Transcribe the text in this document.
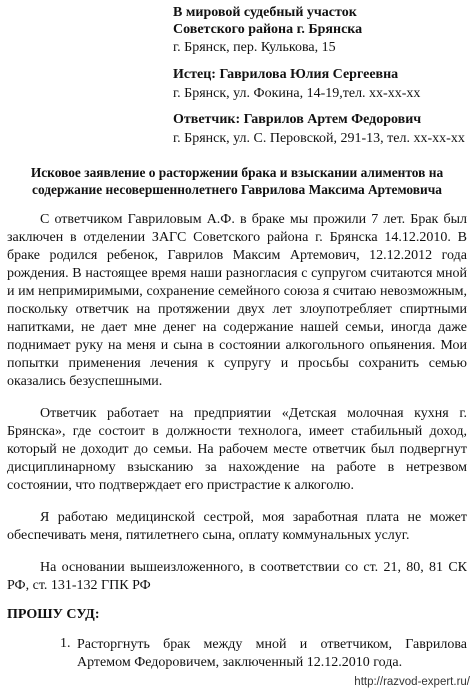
В мировой судебный участок
Советского района г. Брянска
г. Брянск, пер. Кулькова, 15
Истец: Гаврилова Юлия Сергеевна
г. Брянск, ул. Фокина, 14-19,тел. хх-хх-хх
Ответчик: Гаврилов Артем Федорович
г. Брянск, ул. С. Перовской, 291-13, тел. хх-хх-хх
Исковое заявление о расторжении брака и взыскании алиментов на
содержание несовершеннолетнего Гаврилова Максима Артемовича
С ответчиком Гавриловым А.Ф. в браке мы прожили 7 лет. Брак был
заключен в отделении ЗАГС Советского района г. Брянска 14.12.2010. В
браке родился ребенок, Гаврилов Максим Артемович, 12.12.2012 года
рождения. В настоящее время наши разногласия с супругом считаются мной
и им непримиримыми, сохранение семейного союза я считаю невозможным,
поскольку ответчик на протяжении двух лет злоупотребляет спиртными
напитками, не дает мне денег на содержание нашей семьи, иногда даже
поднимает руку на меня и сына в состоянии алкогольного опьянения. Мои
попытки применения лечения к супругу и просьбы сохранить семью
оказались безуспешными.
Ответчик работает на предприятии «Детская молочная кухня г.
Брянска», где состоит в должности технолога, имеет стабильный доход,
который не доходит до семьи. На рабочем месте ответчик был подвергнут
дисциплинарному взысканию за нахождение на работе в нетрезвом
состоянии, что подтверждает его пристрастие к алкоголю.
Я работаю медицинской сестрой, моя заработная плата не может
обеспечивать меня, пятилетнего сына, оплату коммунальных услуг.
На основании вышеизложенного, в соответствии со ст. 21, 80, 81 СК
РФ, ст. 131-132 ГПК РФ
ПРОШУ СУД:
1. Расторгнуть брак между мной и ответчиком, Гаврилова
Артемом Федоровичем, заключенный 12.12.2010 года.
http://razvod-expert.ru/
